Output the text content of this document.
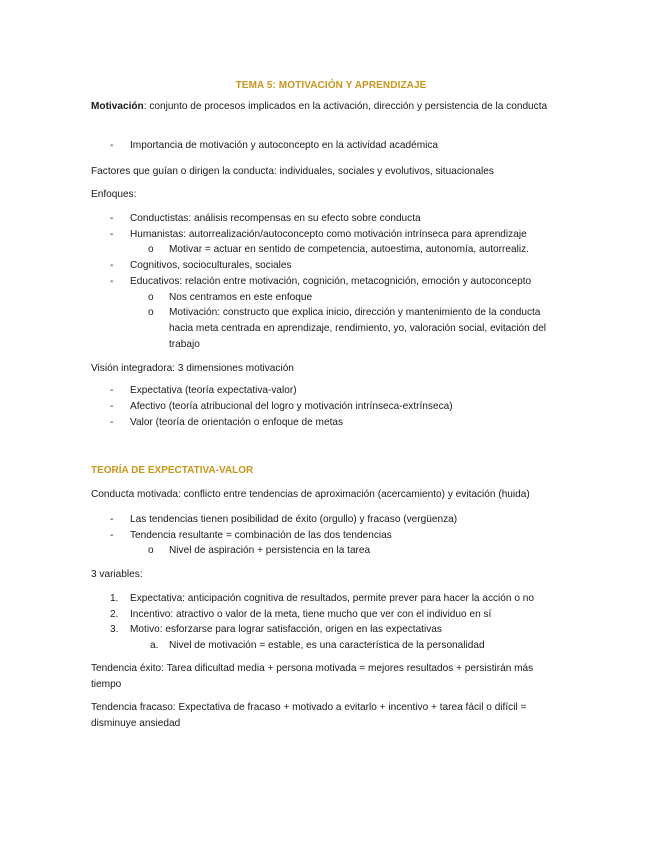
TEMA 5: MOTIVACIÓN Y APRENDIZAJE
Motivación: conjunto de procesos implicados en la activación, dirección y persistencia de la conducta
-	Importancia de motivación y autoconcepto en la actividad académica
Factores que guían o dirigen la conducta: individuales, sociales y evolutivos, situacionales
Enfoques:
-	Conductistas: análisis recompensas en su efecto sobre conducta
-	Humanistas: autorrealización/autoconcepto como motivación intrínseca para aprendizaje
o	Motivar = actuar en sentido de competencia, autoestima, autonomía, autorrealiz.
-	Cognitivos, socioculturales, sociales
-	Educativos: relación entre motivación, cognición, metacognición, emoción y autoconcepto
o	Nos centramos en este enfoque
o	Motivación: constructo que explica inicio, dirección y mantenimiento de la conducta hacia meta centrada en aprendizaje, rendimiento, yo, valoración social, evitación del trabajo
Visión integradora: 3 dimensiones motivación
-	Expectativa (teoría expectativa-valor)
-	Afectivo (teoría atribucional del logro y motivación intrínseca-extrínseca)
-	Valor (teoría de orientación o enfoque de metas
TEORÍA DE EXPECTATIVA-VALOR
Conducta motivada: conflicto entre tendencias de aproximación (acercamiento) y evitación (huida)
-	Las tendencias tienen posibilidad de éxito (orgullo) y fracaso (vergüenza)
-	Tendencia resultante = combinación de las dos tendencias
o	Nivel de aspiración + persistencia en la tarea
3 variables:
1.	Expectativa: anticipación cognitiva de resultados, permite prever para hacer la acción o no
2.	Incentivo: atractivo o valor de la meta, tiene mucho que ver con el individuo en sí
3.	Motivo: esforzarse para lograr satisfacción, origen en las expectativas
a.	Nivel de motivación = estable, es una característica de la personalidad
Tendencia éxito: Tarea dificultad media + persona motivada = mejores resultados + persistirán más tiempo
Tendencia fracaso: Expectativa de fracaso + motivado a evitarlo + incentivo + tarea fácil o difícil = disminuye ansiedad
